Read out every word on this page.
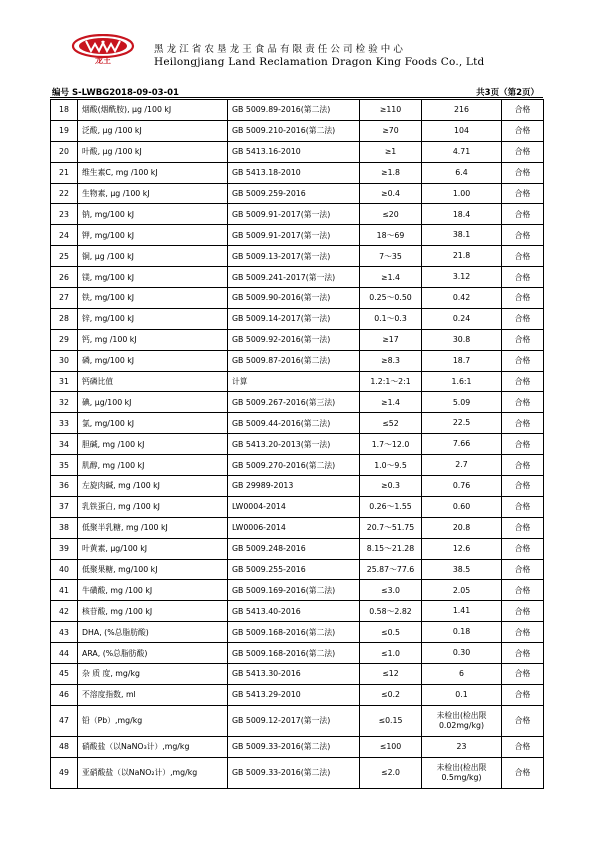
龙王
黑龙江省农垦龙王食品有限责任公司检验中心
Heilongjiang Land Reclamation Dragon King Foods Co., Ltd
编号 S-LWBG2018-09-03-01	共3页（第2页）
18	烟酸(烟酰胺), µg /100 kJ	GB 5009.89-2016(第二法)	≥110	216	合格
19	泛酸, µg /100 kJ	GB 5009.210-2016(第二法)	≥70	104	合格
20	叶酸, µg /100 kJ	GB 5413.16-2010	≥1	4.71	合格
21	维生素C, mg /100 kJ	GB 5413.18-2010	≥1.8	6.4	合格
22	生物素, µg /100 kJ	GB 5009.259-2016	≥0.4	1.00	合格
23	钠, mg/100 kJ	GB 5009.91-2017(第一法)	≤20	18.4	合格
24	钾, mg/100 kJ	GB 5009.91-2017(第一法)	18～69	38.1	合格
25	铜, µg /100 kJ	GB 5009.13-2017(第一法)	7～35	21.8	合格
26	镁, mg/100 kJ	GB 5009.241-2017(第一法)	≥1.4	3.12	合格
27	铁, mg/100 kJ	GB 5009.90-2016(第一法)	0.25～0.50	0.42	合格
28	锌, mg/100 kJ	GB 5009.14-2017(第一法)	0.1～0.3	0.24	合格
29	钙, mg /100 kJ	GB 5009.92-2016(第一法)	≥17	30.8	合格
30	磷, mg/100 kJ	GB 5009.87-2016(第二法)	≥8.3	18.7	合格
31	钙磷比值	计算	1.2:1～2:1	1.6:1	合格
32	碘, µg/100 kJ	GB 5009.267-2016(第三法)	≥1.4	5.09	合格
33	氯, mg/100 kJ	GB 5009.44-2016(第二法)	≤52	22.5	合格
34	胆碱, mg /100 kJ	GB 5413.20-2013(第一法)	1.7～12.0	7.66	合格
35	肌醇, mg /100 kJ	GB 5009.270-2016(第二法)	1.0～9.5	2.7	合格
36	左旋肉碱, mg /100 kJ	GB 29989-2013	≥0.3	0.76	合格
37	乳铁蛋白, mg /100 kJ	LW0004-2014	0.26～1.55	0.60	合格
38	低聚半乳糖, mg /100 kJ	LW0006-2014	20.7～51.75	20.8	合格
39	叶黄素, µg/100 kJ	GB 5009.248-2016	8.15～21.28	12.6	合格
40	低聚果糖, mg/100 kJ	GB 5009.255-2016	25.87～77.6	38.5	合格
41	牛磺酸, mg /100 kJ	GB 5009.169-2016(第二法)	≤3.0	2.05	合格
42	核苷酸, mg /100 kJ	GB 5413.40-2016	0.58～2.82	1.41	合格
43	DHA, (%总脂肪酸)	GB 5009.168-2016(第二法)	≤0.5	0.18	合格
44	ARA, (%总脂肪酸)	GB 5009.168-2016(第二法)	≤1.0	0.30	合格
45	杂 质 度, mg/kg	GB 5413.30-2016	≤12	6	合格
46	不溶度指数, ml	GB 5413.29-2010	≤0.2	0.1	合格
47	铅（Pb）,mg/kg	GB 5009.12-2017(第一法)	≤0.15	未检出(检出限0.02mg/kg)	合格
48	硝酸盐（以NaNO₃计）,mg/kg	GB 5009.33-2016(第二法)	≤100	23	合格
49	亚硝酸盐（以NaNO₂计）,mg/kg	GB 5009.33-2016(第二法)	≤2.0	未检出(检出限0.5mg/kg)	合格
